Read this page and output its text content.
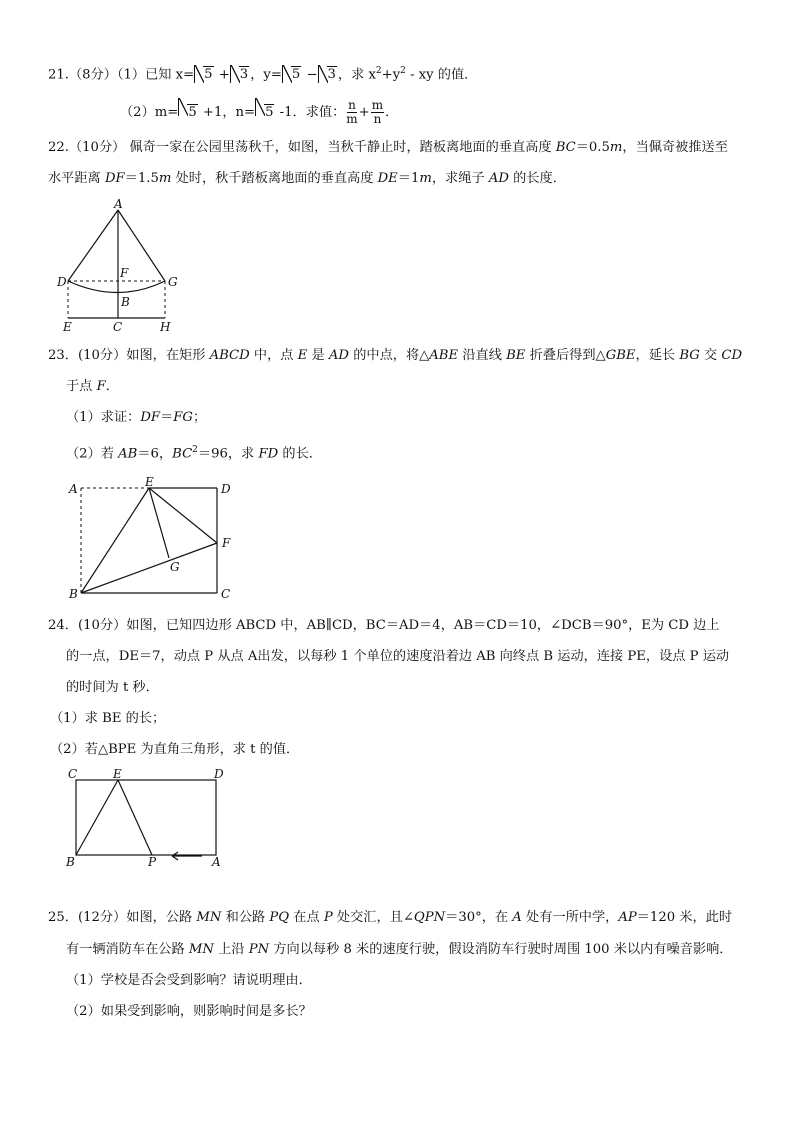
21.（8分）（1）已知 x= 5 + 3 ，y= 5 − 3 ，求 $x^2+y^2$ - xy 的值．
（2）m= 5 +1，n= 5 -1．求值： $\frac{n}{m} + \frac{m}{n}$ ．
22.（10分） 佩奇一家在公园里荡秋千，如图，当秋千静止时，踏板离地面的垂直高度 BC＝0.5m，当佩奇被推送至
水平距离 DF＝1.5m 处时，秋千踏板离地面的垂直高度 DE＝1m，求绳子 AD 的长度．
A
D	G
F
B
E	C	H
23．(10分）如图，在矩形 ABCD 中，点 E 是 AD 的中点，将△ABE 沿直线 BE 折叠后得到△GBE，延长 BG 交 CD
于点 F．
（1）求证：DF＝FG；
（2）若 AB＝6，$BC^2=96$，求 FD 的长．
A	E	D
F
G
B	C
24．(10分）如图，已知四边形 ABCD 中，AB∥CD，BC＝AD＝4，AB＝CD＝10，∠DCB＝90°，E为 CD 边上
的一点，DE＝7，动点 P 从点 A出发，以每秒 1 个单位的速度沿着边 AB 向终点 B 运动，连接 PE，设点 P 运动
的时间为 t 秒．
（1）求 BE 的长；
（2）若△BPE 为直角三角形，求 t 的值．
C	E	D
B	P	A
25．(12分）如图，公路 MN 和公路 PQ 在点 P 处交汇，且∠QPN＝30°，在 A 处有一所中学，AP＝120 米，此时
有一辆消防车在公路 MN 上沿 PN 方向以每秒 8 米的速度行驶，假设消防车行驶时周围 100 米以内有噪音影响．
（1）学校是否会受到影响？请说明理由．
（2）如果受到影响，则影响时间是多长？
